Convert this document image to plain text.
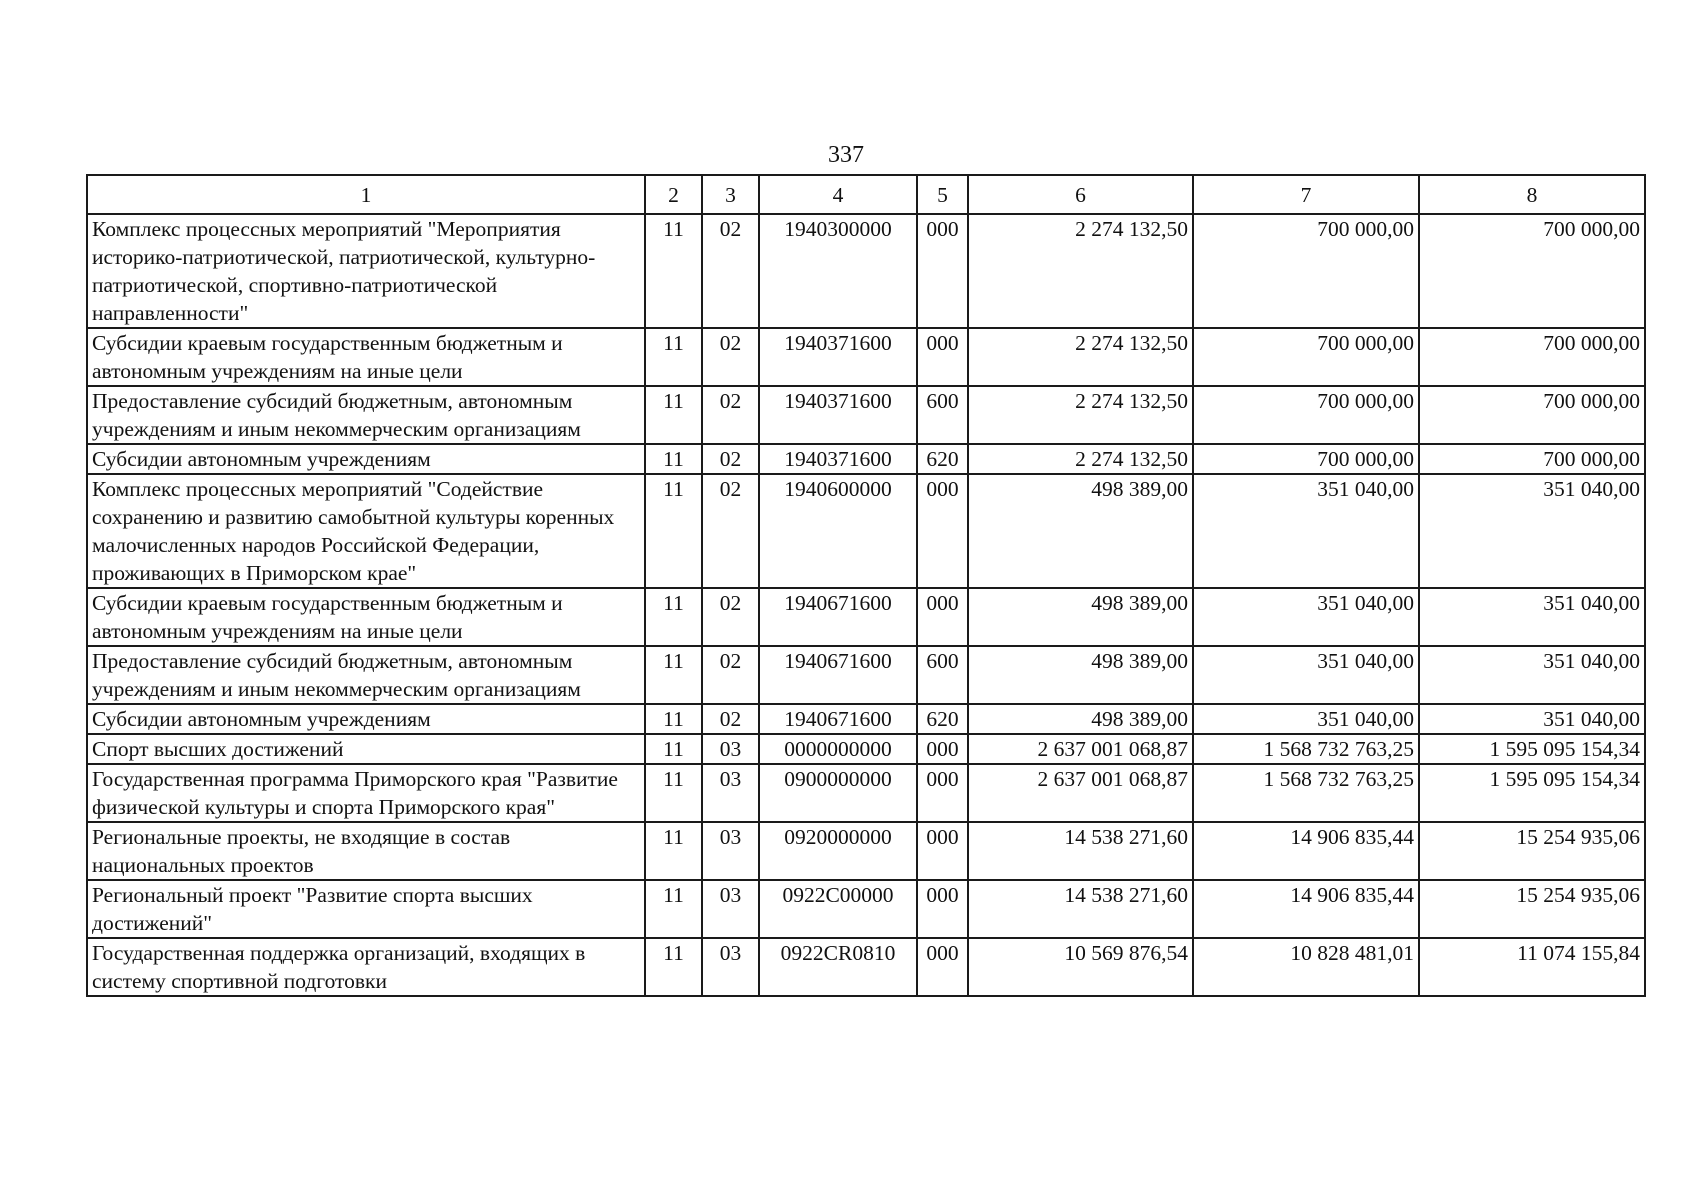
337
1	2	3	4	5	6	7	8
Комплекс процессных мероприятий "Мероприятия историко-патриотической, патриотической, культурно-патриотической, спортивно-патриотической направленности"	11	02	1940300000	000	2 274 132,50	700 000,00	700 000,00
Субсидии краевым государственным бюджетным и автономным учреждениям на иные цели	11	02	1940371600	000	2 274 132,50	700 000,00	700 000,00
Предоставление субсидий бюджетным, автономным учреждениям и иным некоммерческим организациям	11	02	1940371600	600	2 274 132,50	700 000,00	700 000,00
Субсидии автономным учреждениям	11	02	1940371600	620	2 274 132,50	700 000,00	700 000,00
Комплекс процессных мероприятий "Содействие сохранению и развитию самобытной культуры коренных малочисленных народов Российской Федерации, проживающих в Приморском крае"	11	02	1940600000	000	498 389,00	351 040,00	351 040,00
Субсидии краевым государственным бюджетным и автономным учреждениям на иные цели	11	02	1940671600	000	498 389,00	351 040,00	351 040,00
Предоставление субсидий бюджетным, автономным учреждениям и иным некоммерческим организациям	11	02	1940671600	600	498 389,00	351 040,00	351 040,00
Субсидии автономным учреждениям	11	02	1940671600	620	498 389,00	351 040,00	351 040,00
Спорт высших достижений	11	03	0000000000	000	2 637 001 068,87	1 568 732 763,25	1 595 095 154,34
Государственная программа Приморского края "Развитие физической культуры и спорта Приморского края"	11	03	0900000000	000	2 637 001 068,87	1 568 732 763,25	1 595 095 154,34
Региональные проекты, не входящие в состав национальных проектов	11	03	0920000000	000	14 538 271,60	14 906 835,44	15 254 935,06
Региональный проект "Развитие спорта высших достижений"	11	03	0922C00000	000	14 538 271,60	14 906 835,44	15 254 935,06
Государственная поддержка организаций, входящих в систему спортивной подготовки	11	03	0922CR0810	000	10 569 876,54	10 828 481,01	11 074 155,84
